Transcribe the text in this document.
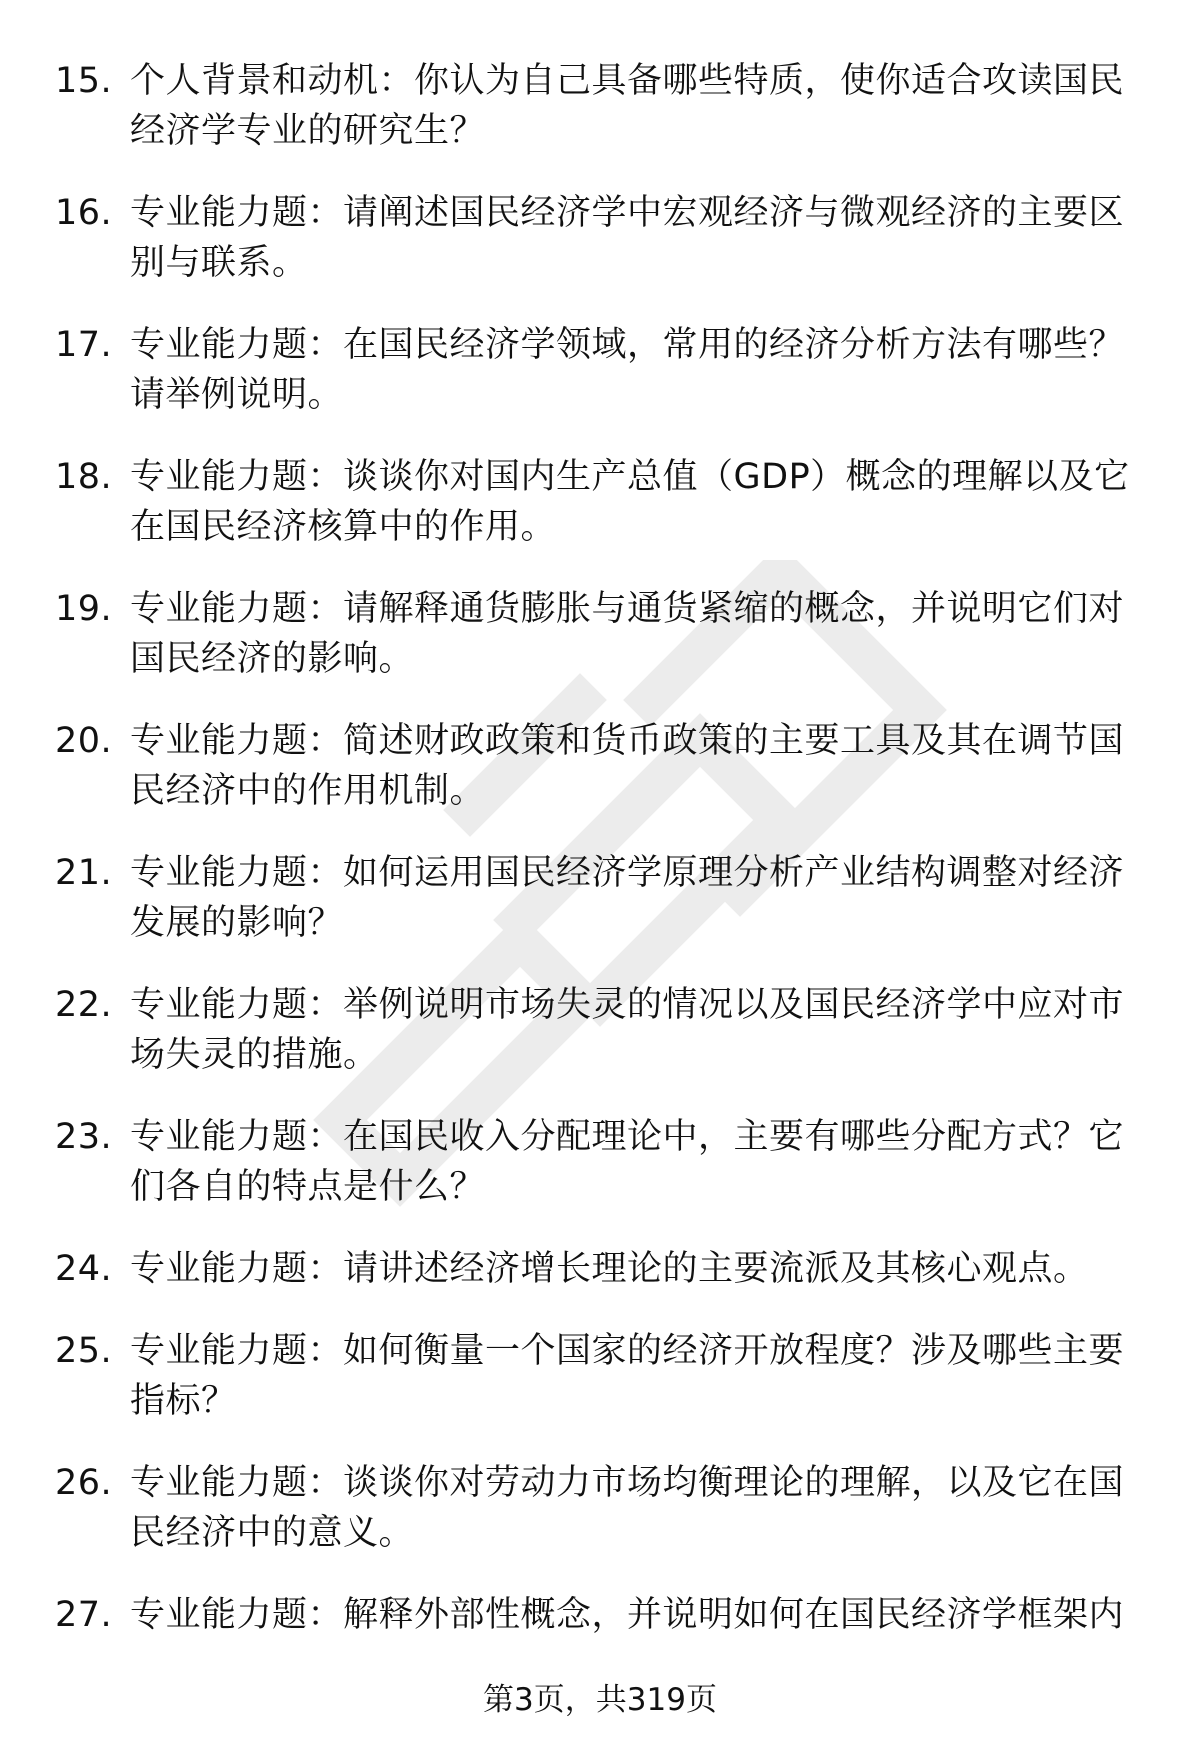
15. 个人背景和动机：你认为自己具备哪些特质，使你适合攻读国民经济学专业的研究生？
16. 专业能力题：请阐述国民经济学中宏观经济与微观经济的主要区别与联系。
17. 专业能力题：在国民经济学领域，常用的经济分析方法有哪些？请举例说明。
18. 专业能力题：谈谈你对国内生产总值（GDP）概念的理解以及它在国民经济核算中的作用。
19. 专业能力题：请解释通货膨胀与通货紧缩的概念，并说明它们对国民经济的影响。
20. 专业能力题：简述财政政策和货币政策的主要工具及其在调节国民经济中的作用机制。
21. 专业能力题：如何运用国民经济学原理分析产业结构调整对经济发展的影响？
22. 专业能力题：举例说明市场失灵的情况以及国民经济学中应对市场失灵的措施。
23. 专业能力题：在国民收入分配理论中，主要有哪些分配方式？它们各自的特点是什么？
24. 专业能力题：请讲述经济增长理论的主要流派及其核心观点。
25. 专业能力题：如何衡量一个国家的经济开放程度？涉及哪些主要指标？
26. 专业能力题：谈谈你对劳动力市场均衡理论的理解，以及它在国民经济中的意义。
27. 专业能力题：解释外部性概念，并说明如何在国民经济学框架内
第3页，共319页
